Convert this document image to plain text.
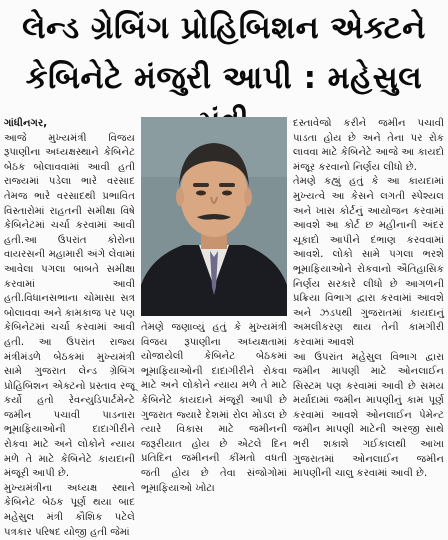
લેન્ડ ગ્રેબિંગ પ્રોહિબિશન એક્ટને
કેબિનેટે મંજુરી આપી : મહેસુલ

ગાંધીનગર,

આજે મુખ્યમંત્રી વિજય રૂપાણીના અધ્યક્ષસ્થાને કેબિનેટ બેઠક બોલાવવામાં આવી હતી રાજ્યમાં પડેલા ભારે વરસાદ તેમજ ભારે વરસાદથી પ્રભાવિત વિસ્તારોમાં રાહતની સમીક્ષા વિષે કેબિનેટમાં ચર્ચા કરવામાં આવી હતી.આ ઉપરાંત કોરોના વાયરસની મહામારી અંગે લેવામાં આવેલા પગલા બાબતે સમીક્ષા કરવામાં આવી હતી.વિધાનસભાના ચોમાસા સત્ર બોલાવવા અને કામકાજ પર પણ કેબિનેટમાં ચર્ચા કરવામાં આવી હતી. આ ઉપરાંત રાજ્ય મંત્રીમંડળે બેઠકમાં મુખ્યમંત્રી સામે ગુજરાત લેન્ડ ગ્રેબિંગ પ્રોહિબિશન એક્ટનો પ્રસ્તાવ રજૂ કર્યો હતો રેવન્યુડિપાર્ટમેન્ટે જમીન પચાવી પાડનારા ભૂમાફિયાઓની દાદાગીરીને રોકવા માટે અને લોકોને ન્યાય મળે તે માટે કેબિનેટે કાયદાની મંજૂરી આપી છે.

મુખ્યમંત્રીના અધ્યક્ષ સ્થાને કેબિનેટ બેઠક પૂર્ણ થયા બાદ મહેસુલ મંત્રી કૌશિક પટેલે પત્રકાર પરિષદ યોજી હતી જેમાં

તેમણે જણાવ્યું હતું કે મુખ્યમંત્રી વિજય રૂપાણીના અધ્યક્ષતામાં યોજાયેલી કેબિનેટ બેઠકમાં ભૂમાફિયાઓની દાદાગીરીને રોકવા માટે અને લોકોને ન્યાય મળે તે માટે કેબિનેટે કાયદાને મંજૂરી આપી છે ગુજરાત જ્યારે દેશમાં રોલ મોડલ છે ત્યારે વિકાસ માટે જમીનની જરૂરીયાત હોય છે એટલે દિન પ્રતિદિન જમીનની કીંમતો વધતી જતી હોય છે તેવા સંજોગોમાં ભૂમાફિયાઓ ખોટા

દસ્તાવેજો કરીને જમીન પચાવી પાડતા હોય છે અને તેના પર રોક લાવવા માટે કેબિનેટે આજે આ કાયદો મંજૂર કરવાનો નિર્ણય લીધો છે.

તેમણે કહ્યું હતું કે આ કાયદામાં મુખ્યત્વે આ કેસને લગતી સ્પેશ્યલ અને ખાસ કોર્ટનું આયોજન કરવામાં આવશે આ કોર્ટ છ મહીનાની અંદર ચૂકાદો આપીને દંભાણ કરવવામાં આવશે. લોકો સામે પગલા ભરશે ભૂમાફિયાઓને રોકવાનો ઐતિહાસિક નિર્ણય સરકારે લીધો છે આગળની પ્રક્રિયા વિભાગ દ્વારા કરવામાં આવશે અને ઝડપથી ગુજરાતમાં કાયદાનું અમલીકરણ થાય તેની કામગીરી કરવામાં આવશે

આ ઉપરાંત મહેસુલ વિભાગ દ્વારા જમીન માપણી માટે ઓનલાઈન સિસ્ટમ પણ કરવામાં આવી છે સમય મર્યાદામાં જમીન માપણીનું કામ પૂર્ણ કરવામાં આવશે ઓનલાઈન પેમેન્ટ જમીન માપણી માટેની અરજી સાથે ભરી શકાશે ગઈકાલથી આખા ગુજરાતમાં ઓનલાઈન જમીન માપણીની ચાલુ કરવામાં આવી છે.
